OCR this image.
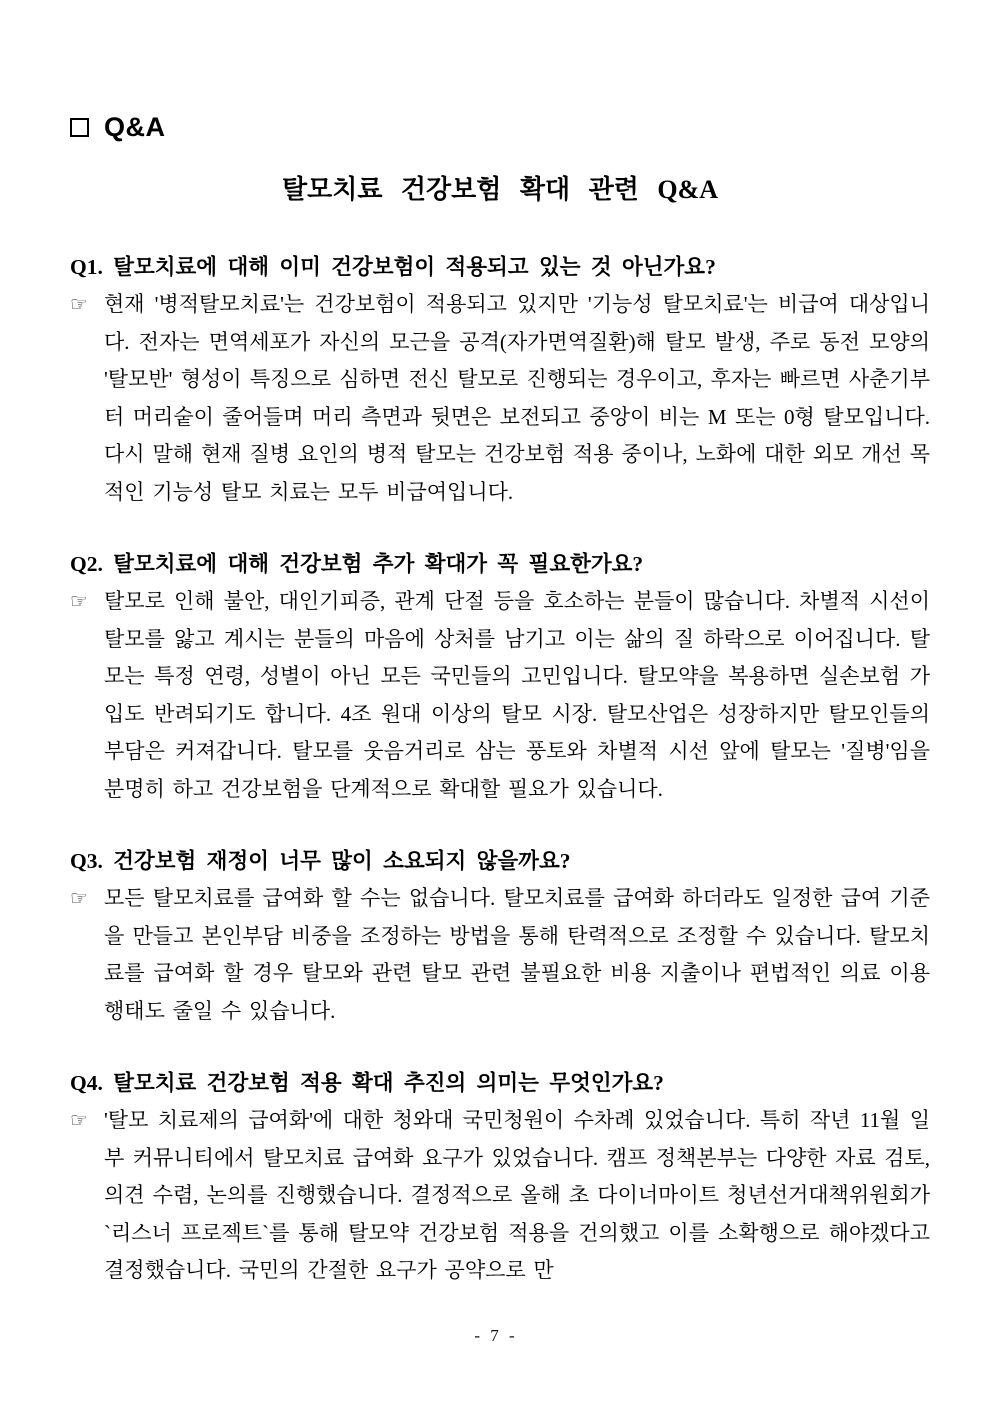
Q&A
탈모치료 건강보험 확대 관련 Q&A
Q1. 탈모치료에 대해 이미 건강보험이 적용되고 있는 것 아닌가요?
☞ 현재 '병적탈모치료'는 건강보험이 적용되고 있지만 '기능성 탈모치료'는 비급여 대상입니다. 전자는 면역세포가 자신의 모근을 공격(자가면역질환)해 탈모 발생, 주로 동전 모양의 '탈모반' 형성이 특징으로 심하면 전신 탈모로 진행되는 경우이고, 후자는 빠르면 사춘기부터 머리숱이 줄어들며 머리 측면과 뒷면은 보전되고 중앙이 비는 M 또는 0형 탈모입니다. 다시 말해 현재 질병 요인의 병적 탈모는 건강보험 적용 중이나, 노화에 대한 외모 개선 목적인 기능성 탈모 치료는 모두 비급여입니다.
Q2. 탈모치료에 대해 건강보험 추가 확대가 꼭 필요한가요?
☞ 탈모로 인해 불안, 대인기피증, 관계 단절 등을 호소하는 분들이 많습니다. 차별적 시선이 탈모를 앓고 계시는 분들의 마음에 상처를 남기고 이는 삶의 질 하락으로 이어집니다. 탈모는 특정 연령, 성별이 아닌 모든 국민들의 고민입니다. 탈모약을 복용하면 실손보험 가입도 반려되기도 합니다. 4조 원대 이상의 탈모 시장. 탈모산업은 성장하지만 탈모인들의 부담은 커져갑니다. 탈모를 웃음거리로 삼는 풍토와 차별적 시선 앞에 탈모는 '질병'임을 분명히 하고 건강보험을 단계적으로 확대할 필요가 있습니다.
Q3. 건강보험 재정이 너무 많이 소요되지 않을까요?
☞ 모든 탈모치료를 급여화 할 수는 없습니다. 탈모치료를 급여화 하더라도 일정한 급여 기준을 만들고 본인부담 비중을 조정하는 방법을 통해 탄력적으로 조정할 수 있습니다. 탈모치료를 급여화 할 경우 탈모와 관련 탈모 관련 불필요한 비용 지출이나 편법적인 의료 이용 행태도 줄일 수 있습니다.
Q4. 탈모치료 건강보험 적용 확대 추진의 의미는 무엇인가요?
☞ '탈모 치료제의 급여화'에 대한 청와대 국민청원이 수차례 있었습니다. 특히 작년 11월 일부 커뮤니티에서 탈모치료 급여화 요구가 있었습니다. 캠프 정책본부는 다양한 자료 검토, 의견 수렴, 논의를 진행했습니다. 결정적으로 올해 초 다이너마이트 청년선거대책위원회가 `리스너 프로젝트`를 통해 탈모약 건강보험 적용을 건의했고 이를 소확행으로 해야겠다고 결정했습니다. 국민의 간절한 요구가 공약으로 만
- 7 -
